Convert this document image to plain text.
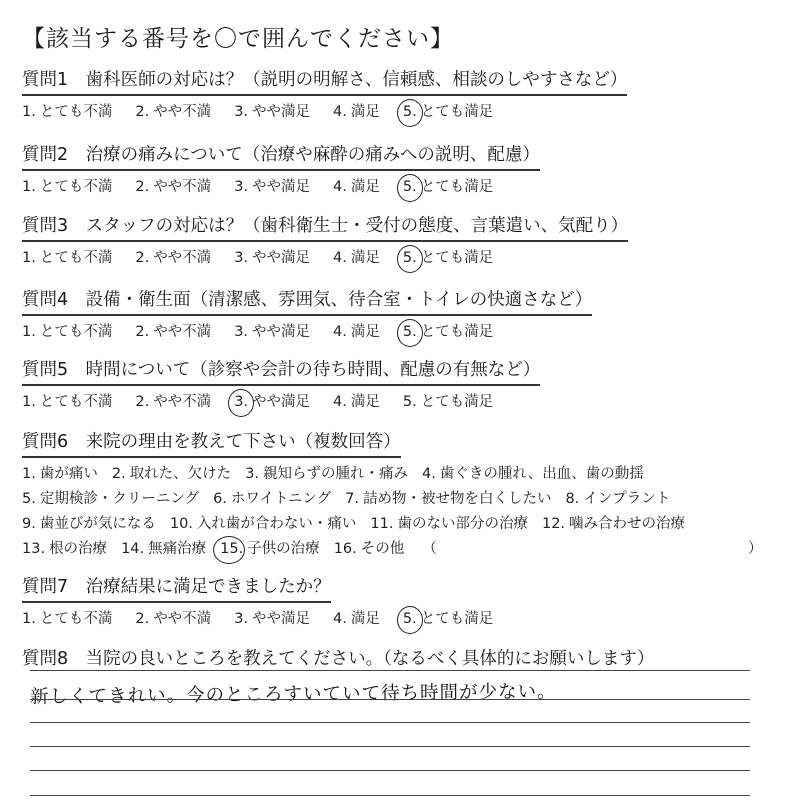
【該当する番号を〇で囲んでください】
質問1　歯科医師の対応は？（説明の明解さ、信頼感、相談のしやすさなど）
1. とても不満 2. やや不満 3. やや満足 4. 満足 5. とても満足
質問2　治療の痛みについて（治療や麻酔の痛みへの説明、配慮）
1. とても不満 2. やや不満 3. やや満足 4. 満足 5. とても満足
質問3　スタッフの対応は？（歯科衛生士・受付の態度、言葉遣い、気配り）
1. とても不満 2. やや不満 3. やや満足 4. 満足 5. とても満足
質問4　設備・衛生面（清潔感、雰囲気、待合室・トイレの快適さなど）
1. とても不満 2. やや不満 3. やや満足 4. 満足 5. とても満足
質問5　時間について（診察や会計の待ち時間、配慮の有無など）
1. とても不満 2. やや不満 3. やや満足 4. 満足 5. とても満足
質問6　来院の理由を教えて下さい（複数回答）
1. 歯が痛い 2. 取れた、欠けた 3. 親知らずの腫れ・痛み 4. 歯ぐきの腫れ、出血、歯の動揺
5. 定期検診・クリーニング 6. ホワイトニング 7. 詰め物・被せ物を白くしたい 8. インプラント
9. 歯並びが気になる 10. 入れ歯が合わない・痛い 11. 歯のない部分の治療 12. 噛み合わせの治療
13. 根の治療 14. 無痛治療 15. 子供の治療 16. その他 （	）
質問7　治療結果に満足できましたか？
1. とても不満 2. やや不満 3. やや満足 4. 満足 5. とても満足
質問8　当院の良いところを教えてください。（なるべく具体的にお願いします）
新しくてきれい。今のところすいていて待ち時間が少ない。
